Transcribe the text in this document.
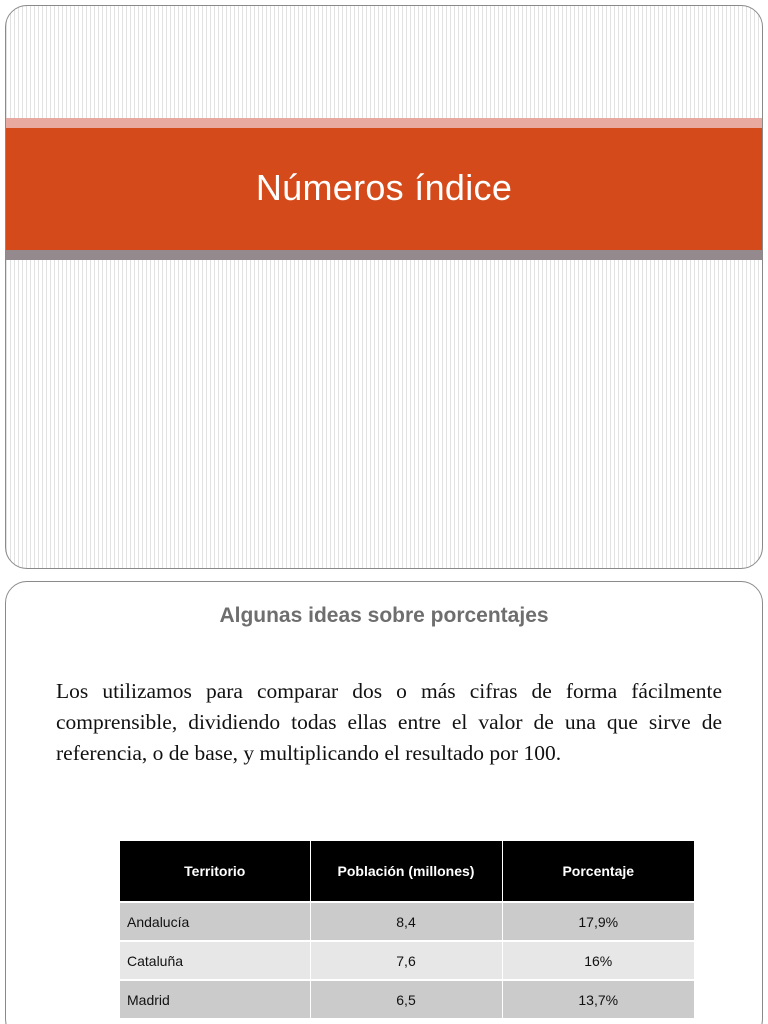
Números índice
Algunas ideas sobre porcentajes
Los utilizamos para comparar dos o más cifras de forma fácilmente comprensible, dividiendo todas ellas entre el valor de una que sirve de referencia, o de base, y multiplicando el resultado por 100.
Territorio	Población (millones)	Porcentaje
Andalucía	8,4	17,9%
Cataluña	7,6	16%
Madrid	6,5	13,7%
